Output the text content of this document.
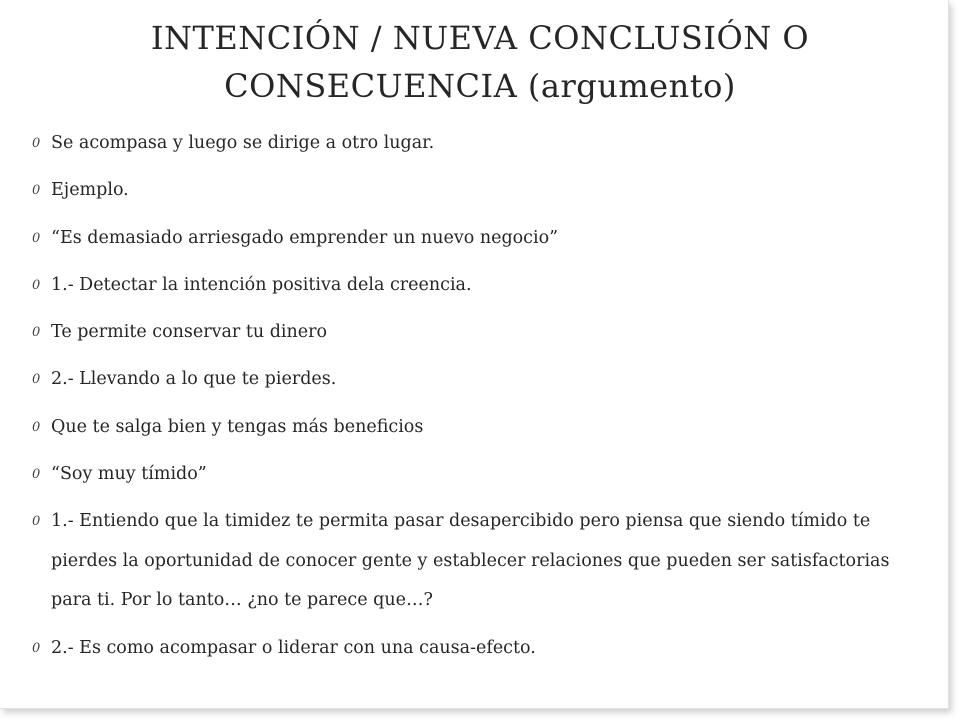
INTENCIÓN / NUEVA CONCLUSIÓN O CONSECUENCIA (argumento)
0 Se acompasa y luego se dirige a otro lugar.
0 Ejemplo.
0 “Es demasiado arriesgado emprender un nuevo negocio”
0 1.- Detectar la intención positiva dela creencia.
0 Te permite conservar tu dinero
0 2.- Llevando a lo que te pierdes.
0 Que te salga bien y tengas más beneficios
0 “Soy muy tímido”
0 1.- Entiendo que la timidez te permita pasar desapercibido pero piensa que siendo tímido te pierdes la oportunidad de conocer gente y establecer relaciones que pueden ser satisfactorias para ti. Por lo tanto… ¿no te parece que…?
0 2.- Es como acompasar o liderar con una causa-efecto.
